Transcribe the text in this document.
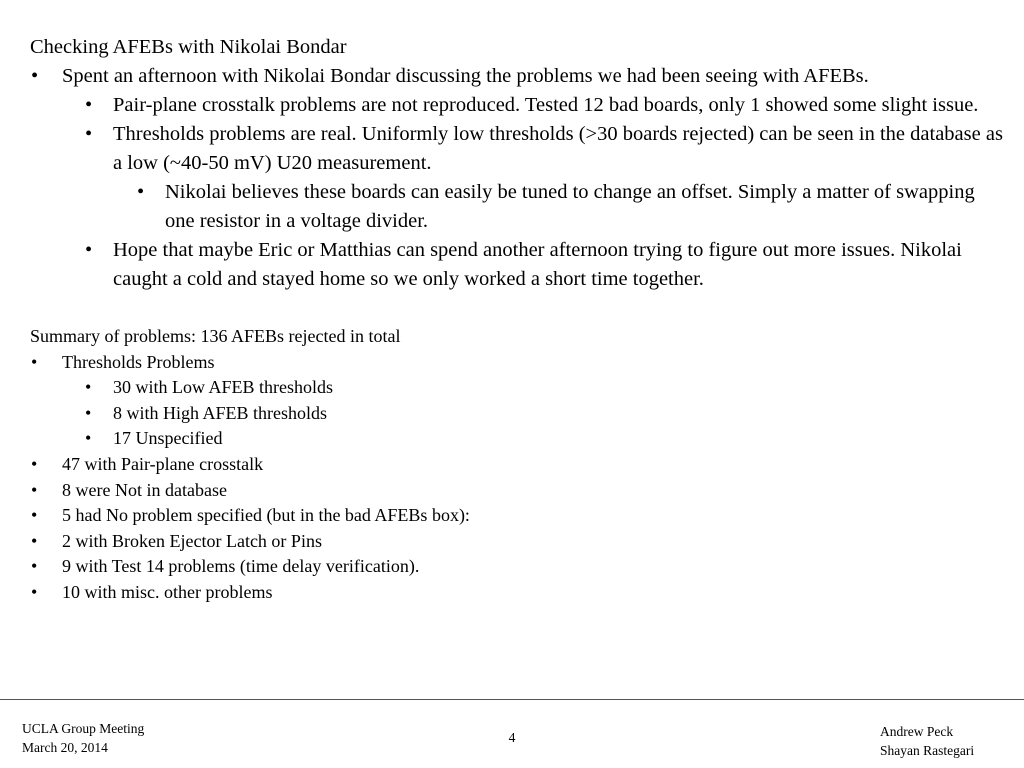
Checking AFEBs with Nikolai Bondar

• Spent an afternoon with Nikolai Bondar discussing the problems we had been seeing with AFEBs.
• Pair-plane crosstalk problems are not reproduced. Tested 12 bad boards, only 1 showed some slight issue.
• Thresholds problems are real. Uniformly low thresholds (>30 boards rejected) can be seen in the database as a low (~40-50 mV) U20 measurement.
• Nikolai believes these boards can easily be tuned to change an offset. Simply a matter of swapping one resistor in a voltage divider.
• Hope that maybe Eric or Matthias can spend another afternoon trying to figure out more issues. Nikolai caught a cold and stayed home so we only worked a short time together.

Summary of problems: 136 AFEBs rejected in total

• Thresholds Problems
• 30 with Low AFEB thresholds
• 8 with High AFEB thresholds
• 17 Unspecified
• 47 with Pair-plane crosstalk
• 8 were Not in database
• 5 had No problem specified (but in the bad AFEBs box):
• 2 with Broken Ejector Latch or Pins
• 9 with Test 14 problems (time delay verification).
• 10 with misc. other problems
UCLA Group Meeting
March 20, 2014
4	Andrew Peck
Shayan Rastegari
